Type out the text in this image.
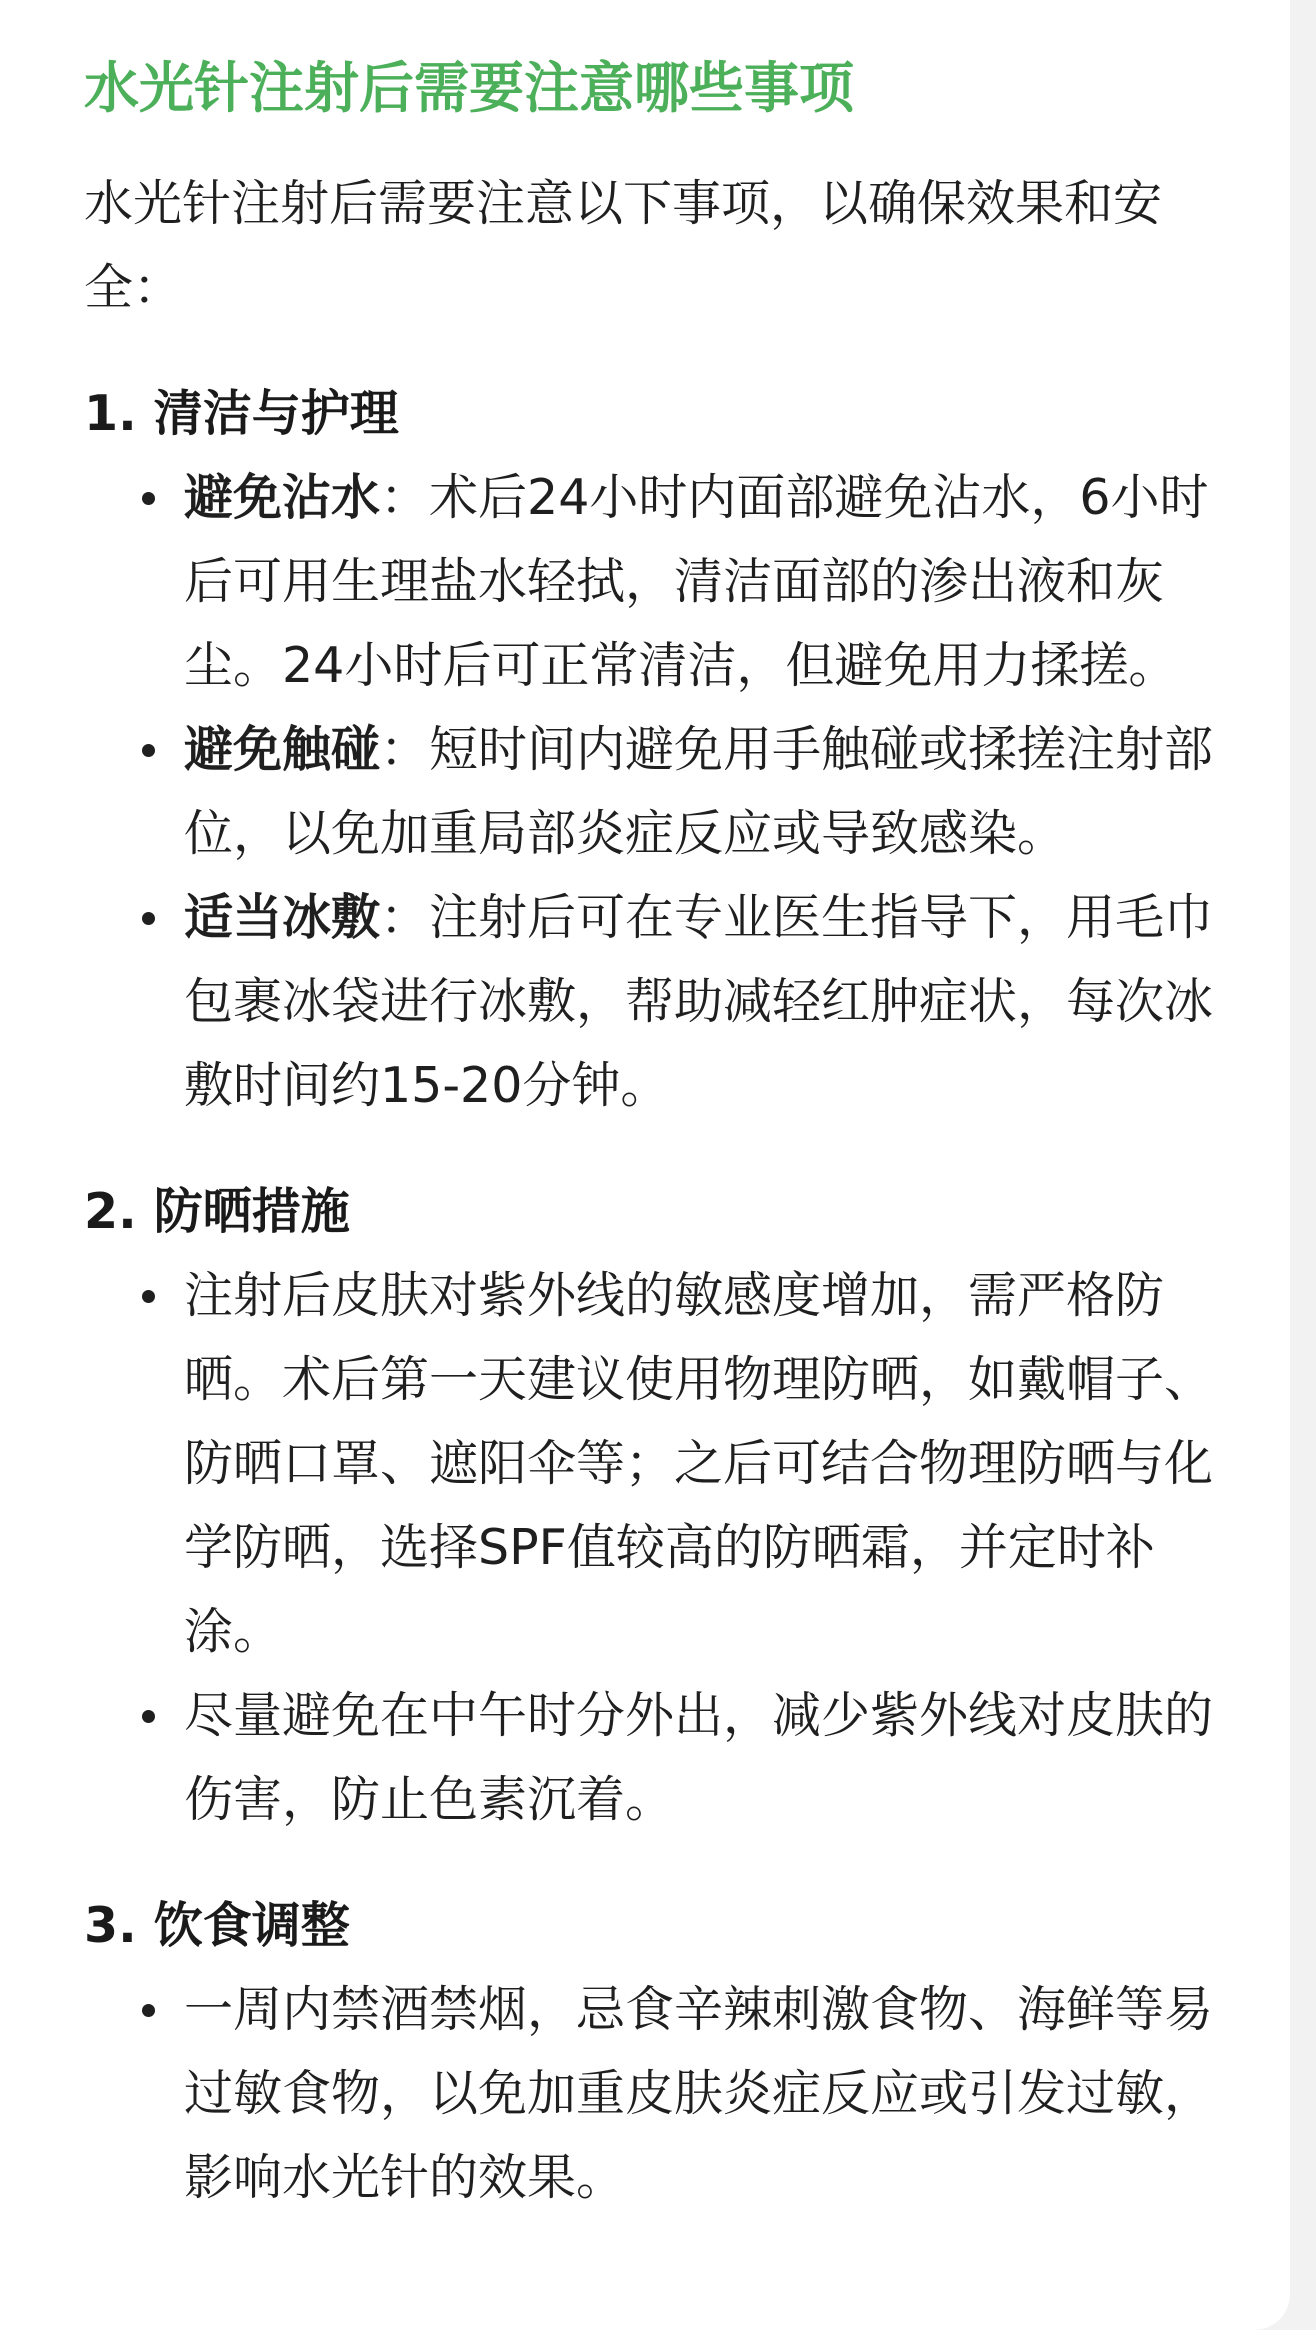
水光针注射后需要注意哪些事项

水光针注射后需要注意以下事项，以确保效果和安全：

1. 清洁与护理

避免沾水：术后24小时内面部避免沾水，6小时后可用生理盐水轻拭，清洁面部的渗出液和灰尘。24小时后可正常清洁，但避免用力揉搓。
避免触碰：短时间内避免用手触碰或揉搓注射部位，以免加重局部炎症反应或导致感染。
适当冰敷：注射后可在专业医生指导下，用毛巾包裹冰袋进行冰敷，帮助减轻红肿症状，每次冰敷时间约15-20分钟。

2. 防晒措施

注射后皮肤对紫外线的敏感度增加，需严格防晒。术后第一天建议使用物理防晒，如戴帽子、防晒口罩、遮阳伞等；之后可结合物理防晒与化学防晒，选择SPF值较高的防晒霜，并定时补涂。
尽量避免在中午时分外出，减少紫外线对皮肤的伤害，防止色素沉着。

3. 饮食调整

一周内禁酒禁烟，忌食辛辣刺激食物、海鲜等易过敏食物，以免加重皮肤炎症反应或引发过敏，影响水光针的效果。
